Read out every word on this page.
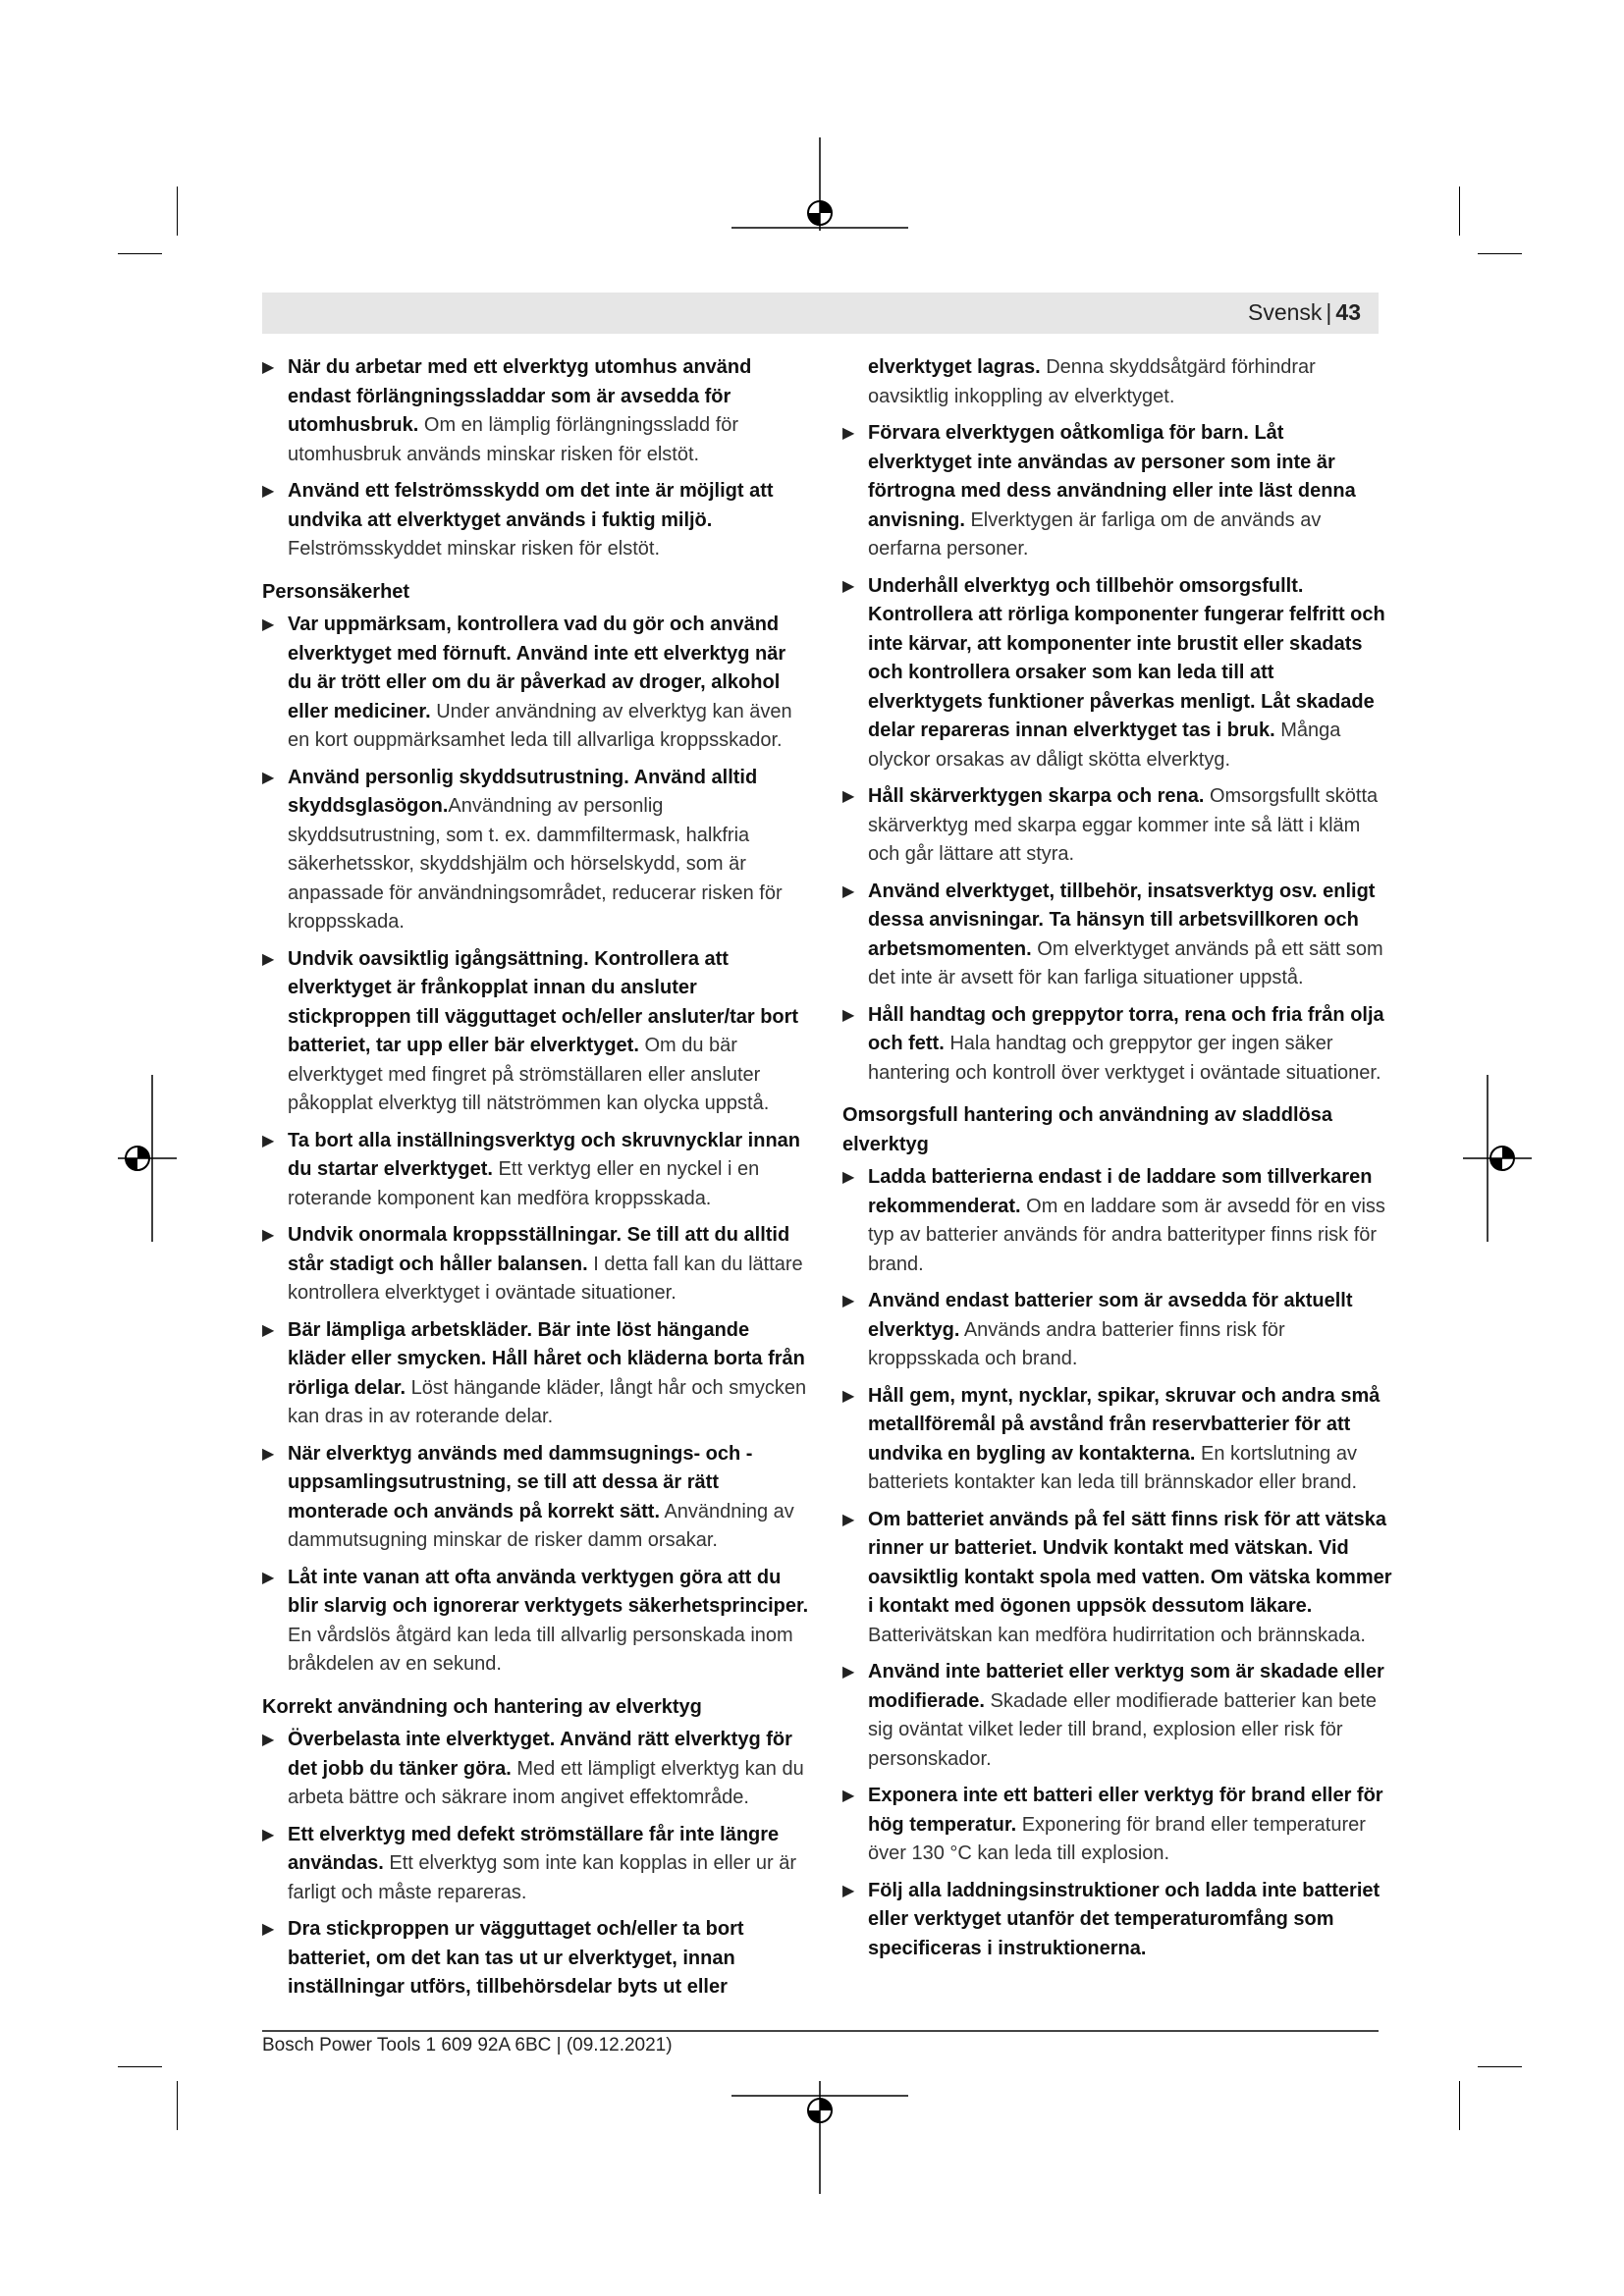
Svensk | 43
▶ När du arbetar med ett elverktyg utomhus använd endast förlängningssladdar som är avsedda för utomhusbruk. Om en lämplig förlängningssladd för utomhusbruk används minskar risken för elstöt.
▶ Använd ett felströmsskydd om det inte är möjligt att undvika att elverktyget används i fuktig miljö. Felströmsskyddet minskar risken för elstöt.
Personsäkerhet
▶ Var uppmärksam, kontrollera vad du gör och använd elverktyget med förnuft. Använd inte ett elverktyg när du är trött eller om du är påverkad av droger, alkohol eller mediciner. Under användning av elverktyg kan även en kort ouppmärksamhet leda till allvarliga kroppsskador.
▶ Använd personlig skyddsutrustning. Använd alltid skyddsglasögon.Användning av personlig skyddsutrustning, som t. ex. dammfiltermask, halkfria säkerhetsskor, skyddshjälm och hörselskydd, som är anpassade för användningsområdet, reducerar risken för kroppsskada.
▶ Undvik oavsiktlig igångsättning. Kontrollera att elverktyget är frånkopplat innan du ansluter stickproppen till vägguttaget och/eller ansluter/tar bort batteriet, tar upp eller bär elverktyget. Om du bär elverktyget med fingret på strömställaren eller ansluter påkopplat elverktyg till nätströmmen kan olycka uppstå.
▶ Ta bort alla inställningsverktyg och skruvnycklar innan du startar elverktyget. Ett verktyg eller en nyckel i en roterande komponent kan medföra kroppsskada.
▶ Undvik onormala kroppsställningar. Se till att du alltid står stadigt och håller balansen. I detta fall kan du lättare kontrollera elverktyget i oväntade situationer.
▶ Bär lämpliga arbetskläder. Bär inte löst hängande kläder eller smycken. Håll håret och kläderna borta från rörliga delar. Löst hängande kläder, långt hår och smycken kan dras in av roterande delar.
▶ När elverktyg används med dammsugnings- och -uppsamlingsutrustning, se till att dessa är rätt monterade och används på korrekt sätt. Användning av dammutsugning minskar de risker damm orsakar.
▶ Låt inte vanan att ofta använda verktygen göra att du blir slarvig och ignorerar verktygets säkerhetsprinciper. En vårdslös åtgärd kan leda till allvarlig personskada inom bråkdelen av en sekund.
Korrekt användning och hantering av elverktyg
▶ Överbelasta inte elverktyget. Använd rätt elverktyg för det jobb du tänker göra. Med ett lämpligt elverktyg kan du arbeta bättre och säkrare inom angivet effektområde.
▶ Ett elverktyg med defekt strömställare får inte längre användas. Ett elverktyg som inte kan kopplas in eller ur är farligt och måste repareras.
▶ Dra stickproppen ur vägguttaget och/eller ta bort batteriet, om det kan tas ut ur elverktyget, innan inställningar utförs, tillbehörsdelar byts ut eller
elverktyget lagras. Denna skyddsåtgärd förhindrar oavsiktlig inkoppling av elverktyget.
▶ Förvara elverktygen oåtkomliga för barn. Låt elverktyget inte användas av personer som inte är förtrogna med dess användning eller inte läst denna anvisning. Elverktygen är farliga om de används av oerfarna personer.
▶ Underhåll elverktyg och tillbehör omsorgsfullt. Kontrollera att rörliga komponenter fungerar felfritt och inte kärvar, att komponenter inte brustit eller skadats och kontrollera orsaker som kan leda till att elverktygets funktioner påverkas menligt. Låt skadade delar repareras innan elverktyget tas i bruk. Många olyckor orsakas av dåligt skötta elverktyg.
▶ Håll skärverktygen skarpa och rena. Omsorgsfullt skötta skärverktyg med skarpa eggar kommer inte så lätt i kläm och går lättare att styra.
▶ Använd elverktyget, tillbehör, insatsverktyg osv. enligt dessa anvisningar. Ta hänsyn till arbetsvillkoren och arbetsmomenten. Om elverktyget används på ett sätt som det inte är avsett för kan farliga situationer uppstå.
▶ Håll handtag och greppytor torra, rena och fria från olja och fett. Hala handtag och greppytor ger ingen säker hantering och kontroll över verktyget i oväntade situationer.
Omsorgsfull hantering och användning av sladdlösa elverktyg
▶ Ladda batterierna endast i de laddare som tillverkaren rekommenderat. Om en laddare som är avsedd för en viss typ av batterier används för andra batterityper finns risk för brand.
▶ Använd endast batterier som är avsedda för aktuellt elverktyg. Används andra batterier finns risk för kroppsskada och brand.
▶ Håll gem, mynt, nycklar, spikar, skruvar och andra små metallföremål på avstånd från reservbatterier för att undvika en bygling av kontakterna. En kortslutning av batteriets kontakter kan leda till brännskador eller brand.
▶ Om batteriet används på fel sätt finns risk för att vätska rinner ur batteriet. Undvik kontakt med vätskan. Vid oavsiktlig kontakt spola med vatten. Om vätska kommer i kontakt med ögonen uppsök dessutom läkare. Batterivätskan kan medföra hudirritation och brännskada.
▶ Använd inte batteriet eller verktyg som är skadade eller modifierade. Skadade eller modifierade batterier kan bete sig oväntat vilket leder till brand, explosion eller risk för personskador.
▶ Exponera inte ett batteri eller verktyg för brand eller för hög temperatur. Exponering för brand eller temperaturer över 130 °C kan leda till explosion.
▶ Följ alla laddningsinstruktioner och ladda inte batteriet eller verktyget utanför det temperaturomfång som specificeras i instruktionerna.
Bosch Power Tools 1 609 92A 6BC | (09.12.2021)
